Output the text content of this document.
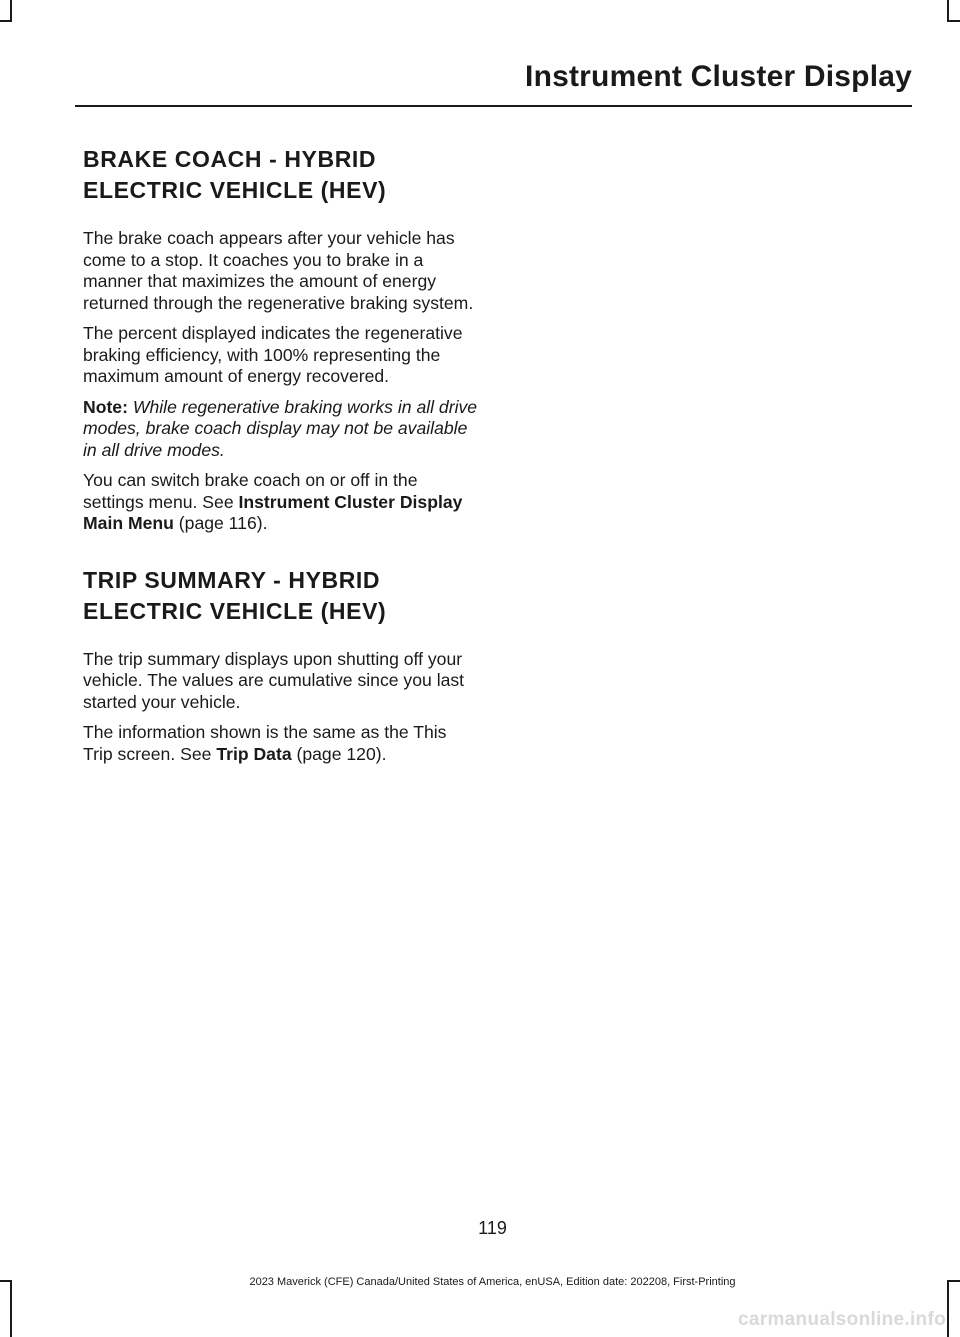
Instrument Cluster Display
BRAKE COACH - HYBRID
ELECTRIC VEHICLE (HEV)

The brake coach appears after your vehicle has come to a stop. It coaches you to brake in a manner that maximizes the amount of energy returned through the regenerative braking system.

The percent displayed indicates the regenerative braking efficiency, with 100% representing the maximum amount of energy recovered.

Note: While regenerative braking works in all drive modes, brake coach display may not be available in all drive modes.

You can switch brake coach on or off in the settings menu. See Instrument Cluster Display Main Menu (page 116).

TRIP SUMMARY - HYBRID
ELECTRIC VEHICLE (HEV)

The trip summary displays upon shutting off your vehicle. The values are cumulative since you last started your vehicle.

The information shown is the same as the This Trip screen. See Trip Data (page 120).

119
2023 Maverick (CFE) Canada/United States of America, enUSA, Edition date: 202208, First-Printing
carmanualsonline.info
